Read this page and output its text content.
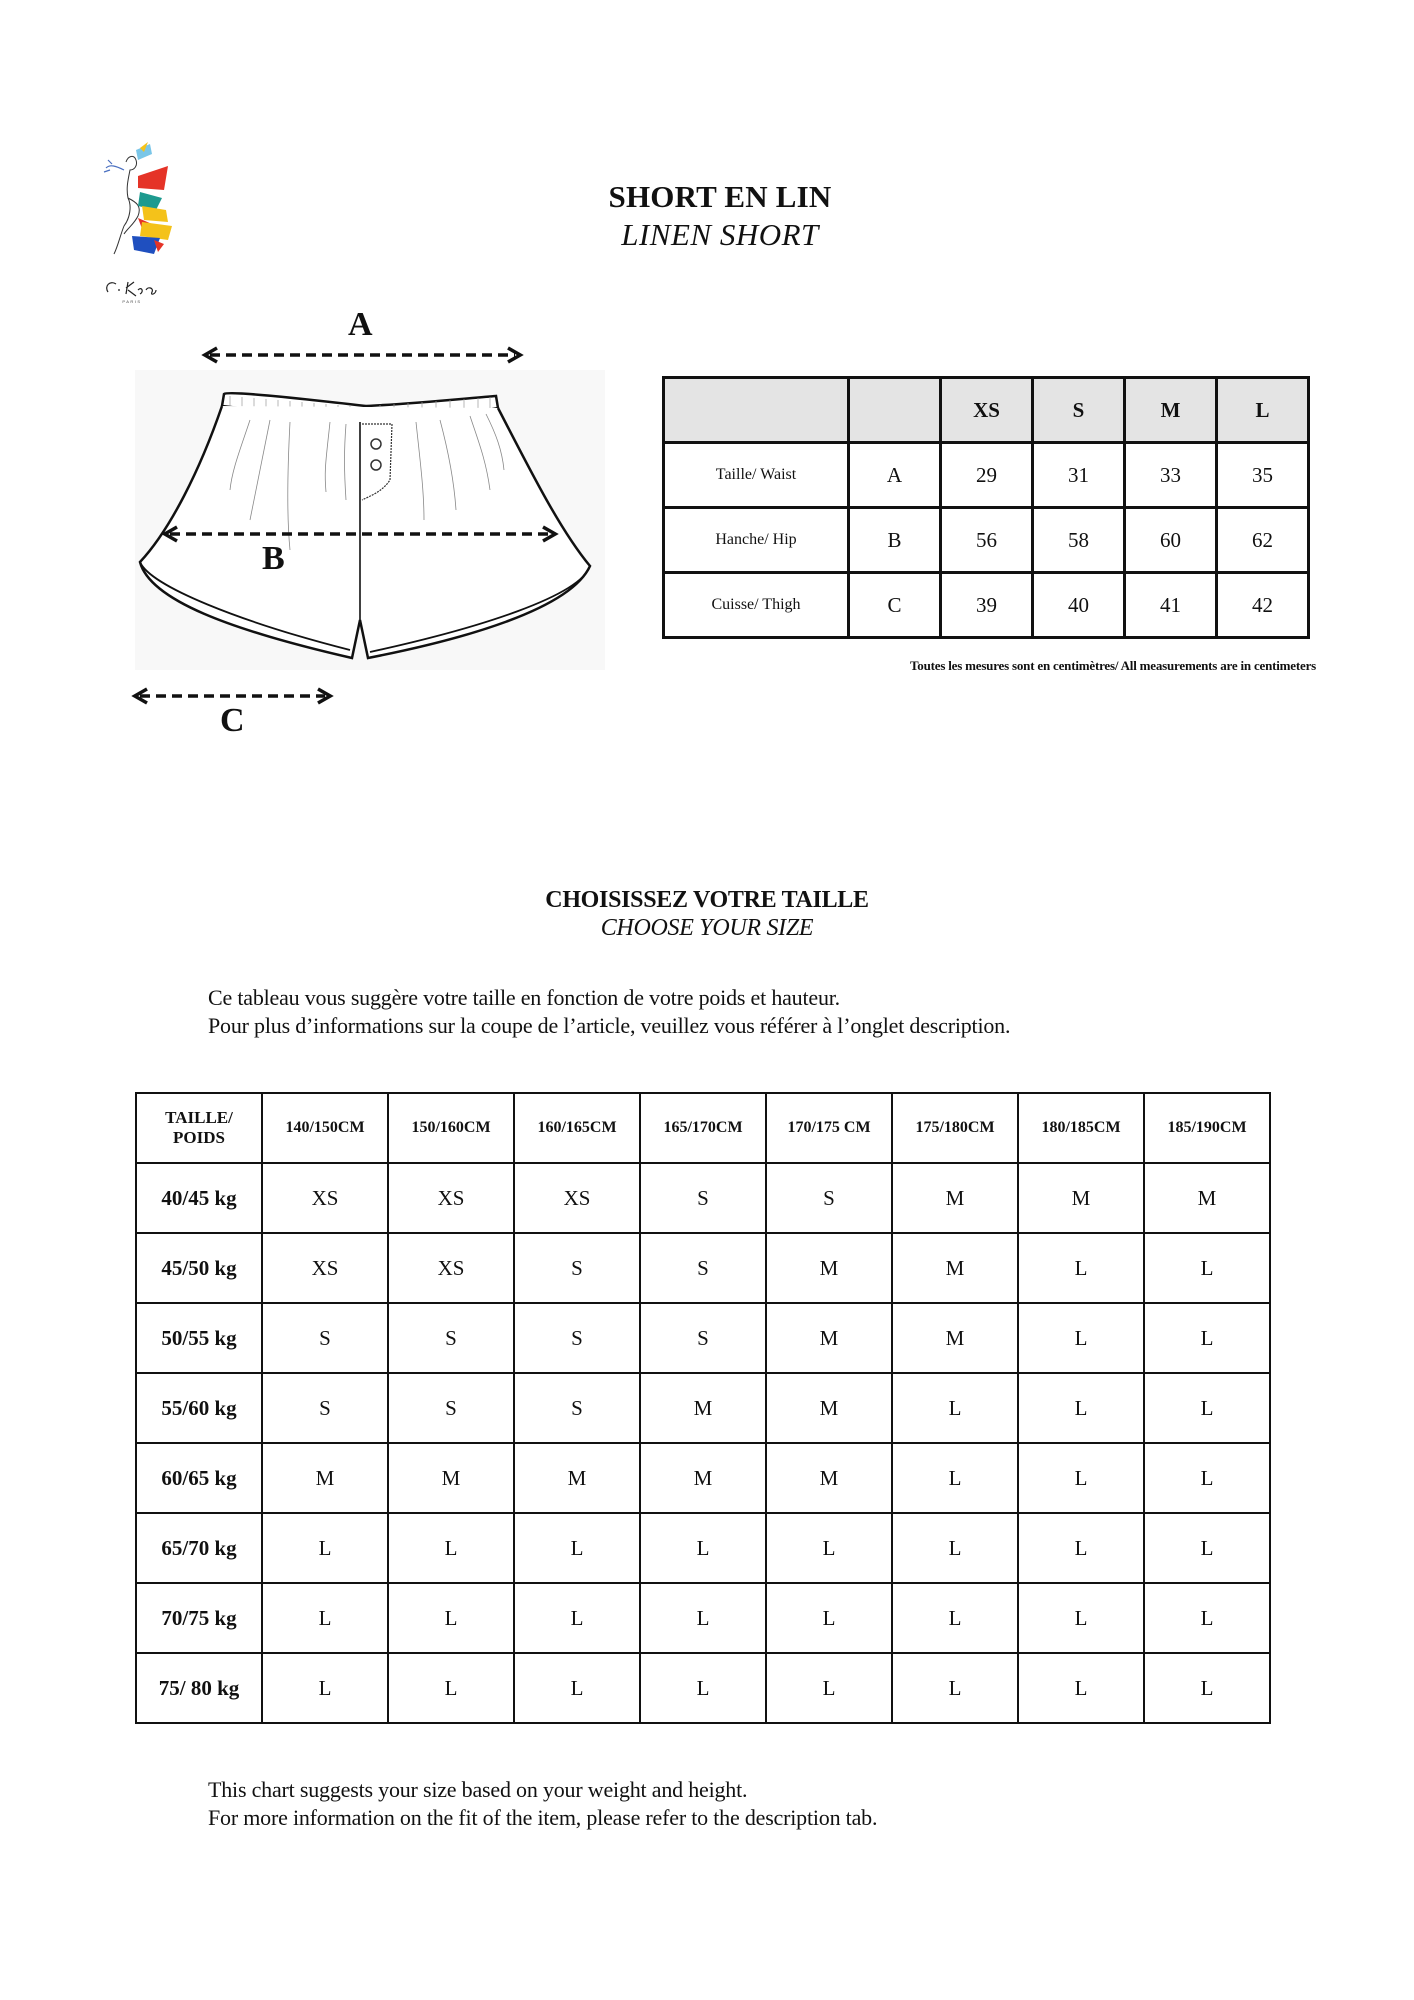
PARIS
SHORT EN LIN
LINEN SHORT
A
B
C
		XS	S	M	L
Taille/ Waist	A	29	31	33	35
Hanche/ Hip	B	56	58	60	62
Cuisse/ Thigh	C	39	40	41	42
Toutes les mesures sont en centimètres/ All measurements are in centimeters
CHOISISSEZ VOTRE TAILLE
CHOOSE YOUR SIZE
Ce tableau vous suggère votre taille en fonction de votre poids et hauteur.
Pour plus d’informations sur la coupe de l’article, veuillez vous référer à l’onglet description.
TAILLE/
POIDS	140/150CM	150/160CM	160/165CM	165/170CM	170/175 CM	175/180CM	180/185CM	185/190CM
40/45 kg	XS	XS	XS	S	S	M	M	M
45/50 kg	XS	XS	S	S	M	M	L	L
50/55 kg	S	S	S	S	M	M	L	L
55/60 kg	S	S	S	M	M	L	L	L
60/65 kg	M	M	M	M	M	L	L	L
65/70 kg	L	L	L	L	L	L	L	L
70/75 kg	L	L	L	L	L	L	L	L
75/ 80 kg	L	L	L	L	L	L	L	L
This chart suggests your size based on your weight and height.
For more information on the fit of the item, please refer to the description tab.
